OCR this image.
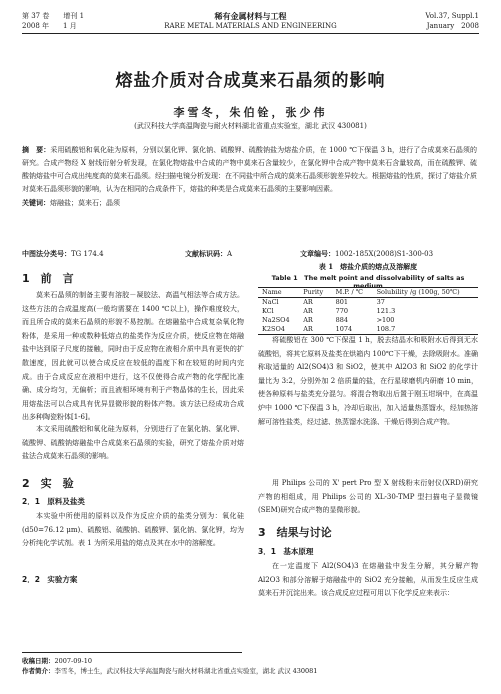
第 37 卷　　增刊 1
2008 年　　1 月
稀有金属材料与工程
RARE METAL MATERIALS AND ENGINEERING
Vol.37, Suppl.1
January　2008
熔盐介质对合成莫来石晶须的影响
李雪冬，朱伯铨，张少伟
(武汉科技大学高温陶瓷与耐火材料湖北省重点实验室，湖北 武汉 430081)
摘　要：采用硫酸铝和氧化硅为原料，分别以氯化钾、氯化钠、硫酸钾、硫酸钠盐为熔盐介质，在 1000 ℃下保温 3 h，进行了合成莫来石晶须的研究。合成产物经 X 射线衍射分析发现，在氯化物熔盐中合成的产物中莫来石含量较少，在氯化钾中合成产物中莫来石含量较高，而在硫酸钾、硫酸钠熔盐中可合成出纯度高的莫来石晶须。经扫描电镜分析发现：在不同盐中所合成的莫来石晶须形貌差异较大。根据熔盐的性质，探讨了熔盐介质对莫来石晶须形貌的影响，认为在相同的合成条件下，熔盐的种类是合成莫来石晶须的主要影响因素。
关键词：熔融盐；莫来石；晶须
中图法分类号：TG 174.4	文献标识码：A	文章编号：1002-185X(2008)S1-300-03
1　前　言
莫来石晶须的制备主要有溶胶－凝胶法、高温气相法等合成方法。这些方法的合成温度高(一般均需要在 1400 ℃以上)，操作难度较大，而且所合成的莫来石晶须的形貌不易控制。在熔融盐中合成复杂氧化物粉体，是采用一种或数种低熔点的盐类作为反应介质，使反应物在熔融盐中达到原子尺度的接触，同时由于反应物在液相介质中具有更快的扩散速度，因此就可以使合成反应在较低的温度下和在较短的时间内完成。由于合成反应在液相中进行，这不仅使得合成产物的化学配比准确、成分均匀，无偏析；而且液相环境有利于产物晶体的生长，因此采用熔盐法可以合成具有优异显微形貌的粉体产物。该方法已经成功合成出多种陶瓷粉体[1-6]。
本文采用硫酸铝和氧化硅为原料，分别进行了在氯化钠、氯化钾、硫酸钾、硫酸钠熔融盐中合成莫来石晶须的实验，研究了熔盐介质对熔盐法合成莫来石晶须的影响。
2　实　验
2．1　原料及盐类
本实验中所使用的原料以及作为反应介质的盐类分别为：氧化硅(d50=76.12 μm)、硫酸铝、硫酸钠、硫酸钾、氯化钠、氯化钾，均为分析纯化学试剂。表 1 为所采用盐的熔点及其在水中的溶解度。
2．2　实验方案
表 1　熔盐介质的熔点及溶解度
Table 1　The melt point and dissolvability of salts as medium
Name	Purity	M.P. / ℃	Solubility /g (100g, 50℃)
NaCl	AR	801	37
KCl	AR	770	121.3
Na2SO4	AR	884	>100
K2SO4	AR	1074	108.7
将硫酸铝在 300 ℃下保温 1 h，脱去结晶水和吸附水后得到无水硫酸铝，将其它原料及盐类在烘箱内 100℃下干燥，去除吸附水。准确称取适量的 Al2(SO4)3 和 SiO2，使其中 Al2O3 和 SiO2 的化学计量比为 3:2，分别外加 2 倍质量的盐，在行星球磨机内研磨 10 min，使各种原料与盐类充分混匀。将混合物取出后置于刚玉坩埚中，在高温炉中 1000 ℃下保温 3 h，冷却后取出，加入适量热蒸馏水，经加热溶解可溶性盐类，经过滤、热蒸馏水洗涤、干燥后得到合成产物。
用 Philips 公司的 X' pert Pro 型 X 射线粉末衍射仪(XRD)研究产物的相组成，用 Philips 公司的 XL-30-TMP 型扫描电子显微镜(SEM)研究合成产物的显微形貌。
3　结果与讨论
3．1　基本原理
在一定温度下 Al2(SO4)3 在熔融盐中发生分解，其分解产物 Al2O3 和部分溶解于熔融盐中的 SiO2 充分接触，从而发生反应生成莫来石并沉淀出来。该合成反应过程可用以下化学反应来表示：
收稿日期：2007-09-10
作者简介：李雪冬，博士生，武汉科技大学高温陶瓷与耐火材料湖北省重点实验室，湖北 武汉 430081
